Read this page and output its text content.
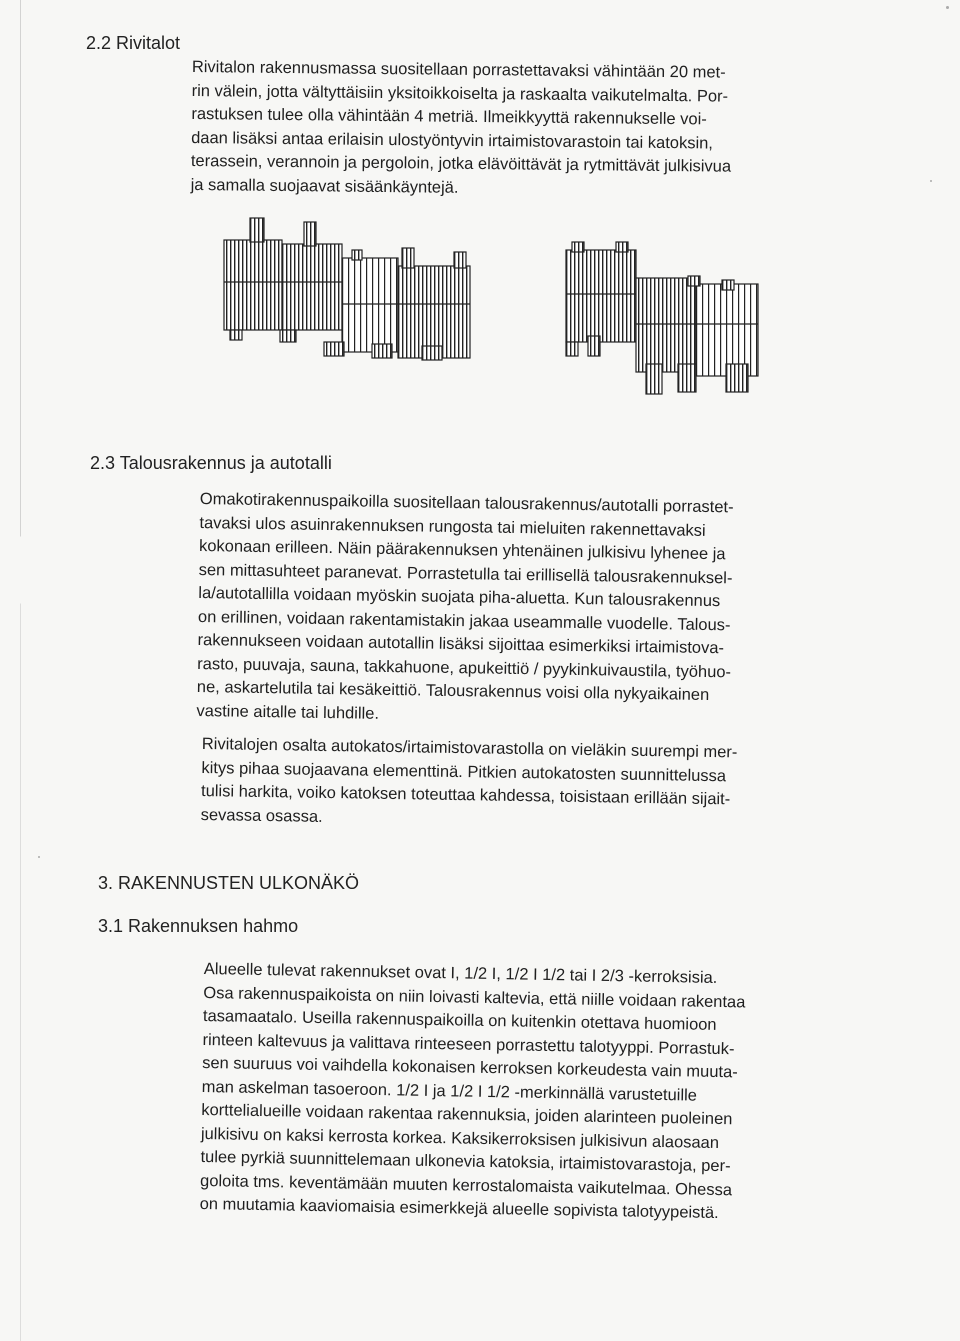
2.2 Rivitalot

Rivitalon rakennusmassa suositellaan porrastettavaksi vähintään 20 met-
rin välein, jotta vältyttäisiin yksitoikkoiselta ja raskaalta vaikutelmalta. Por-
rastuksen tulee olla vähintään 4 metriä. Ilmeikkyyttä rakennukselle voi-
daan lisäksi antaa erilaisin ulostyöntyvin irtaimistovarastoin tai katoksin,
terassein, verannoin ja pergoloin, jotka elävöittävät ja rytmittävät julkisivua
ja samalla suojaavat sisäänkäyntejä.

2.3 Talousrakennus ja autotalli

Omakotirakennuspaikoilla suositellaan talousrakennus/autotalli porrastet-
tavaksi ulos asuinrakennuksen rungosta tai mieluiten rakennettavaksi
kokonaan erilleen. Näin päärakennuksen yhtenäinen julkisivu lyhenee ja
sen mittasuhteet paranevat. Porrastetulla tai erillisellä talousrakennuksel-
la/autotallilla voidaan myöskin suojata piha-aluetta. Kun talousrakennus
on erillinen, voidaan rakentamistakin jakaa useammalle vuodelle. Talous-
rakennukseen voidaan autotallin lisäksi sijoittaa esimerkiksi irtaimistova-
rasto, puuvaja, sauna, takkahuone, apukeittiö / pyykinkuivaustila, työhuo-
ne, askartelutila tai kesäkeittiö. Talousrakennus voisi olla nykyaikainen
vastine aitalle tai luhdille.

Rivitalojen osalta autokatos/irtaimistovarastolla on vieläkin suurempi mer-
kitys pihaa suojaavana elementtinä. Pitkien autokatosten suunnittelussa
tulisi harkita, voiko katoksen toteuttaa kahdessa, toisistaan erillään sijait-
sevassa osassa.

3. RAKENNUSTEN ULKONÄKÖ
3.1 Rakennuksen hahmo

Alueelle tulevat rakennukset ovat I, 1/2 I, 1/2 I 1/2 tai I 2/3 -kerroksisia.
Osa rakennuspaikoista on niin loivasti kaltevia, että niille voidaan rakentaa
tasamaatalo. Useilla rakennuspaikoilla on kuitenkin otettava huomioon
rinteen kaltevuus ja valittava rinteeseen porrastettu talotyyppi. Porrastuk-
sen suuruus voi vaihdella kokonaisen kerroksen korkeudesta vain muuta-
man askelman tasoeroon. 1/2 I ja 1/2 I 1/2 -merkinnällä varustetuille
korttelialueille voidaan rakentaa rakennuksia, joiden alarinteen puoleinen
julkisivu on kaksi kerrosta korkea. Kaksikerroksisen julkisivun alaosaan
tulee pyrkiä suunnittelemaan ulkonevia katoksia, irtaimistovarastoja, per-
goloita tms. keventämään muuten kerrostalomaista vaikutelmaa. Ohessa
on muutamia kaaviomaisia esimerkkejä alueelle sopivista talotyypeistä.
